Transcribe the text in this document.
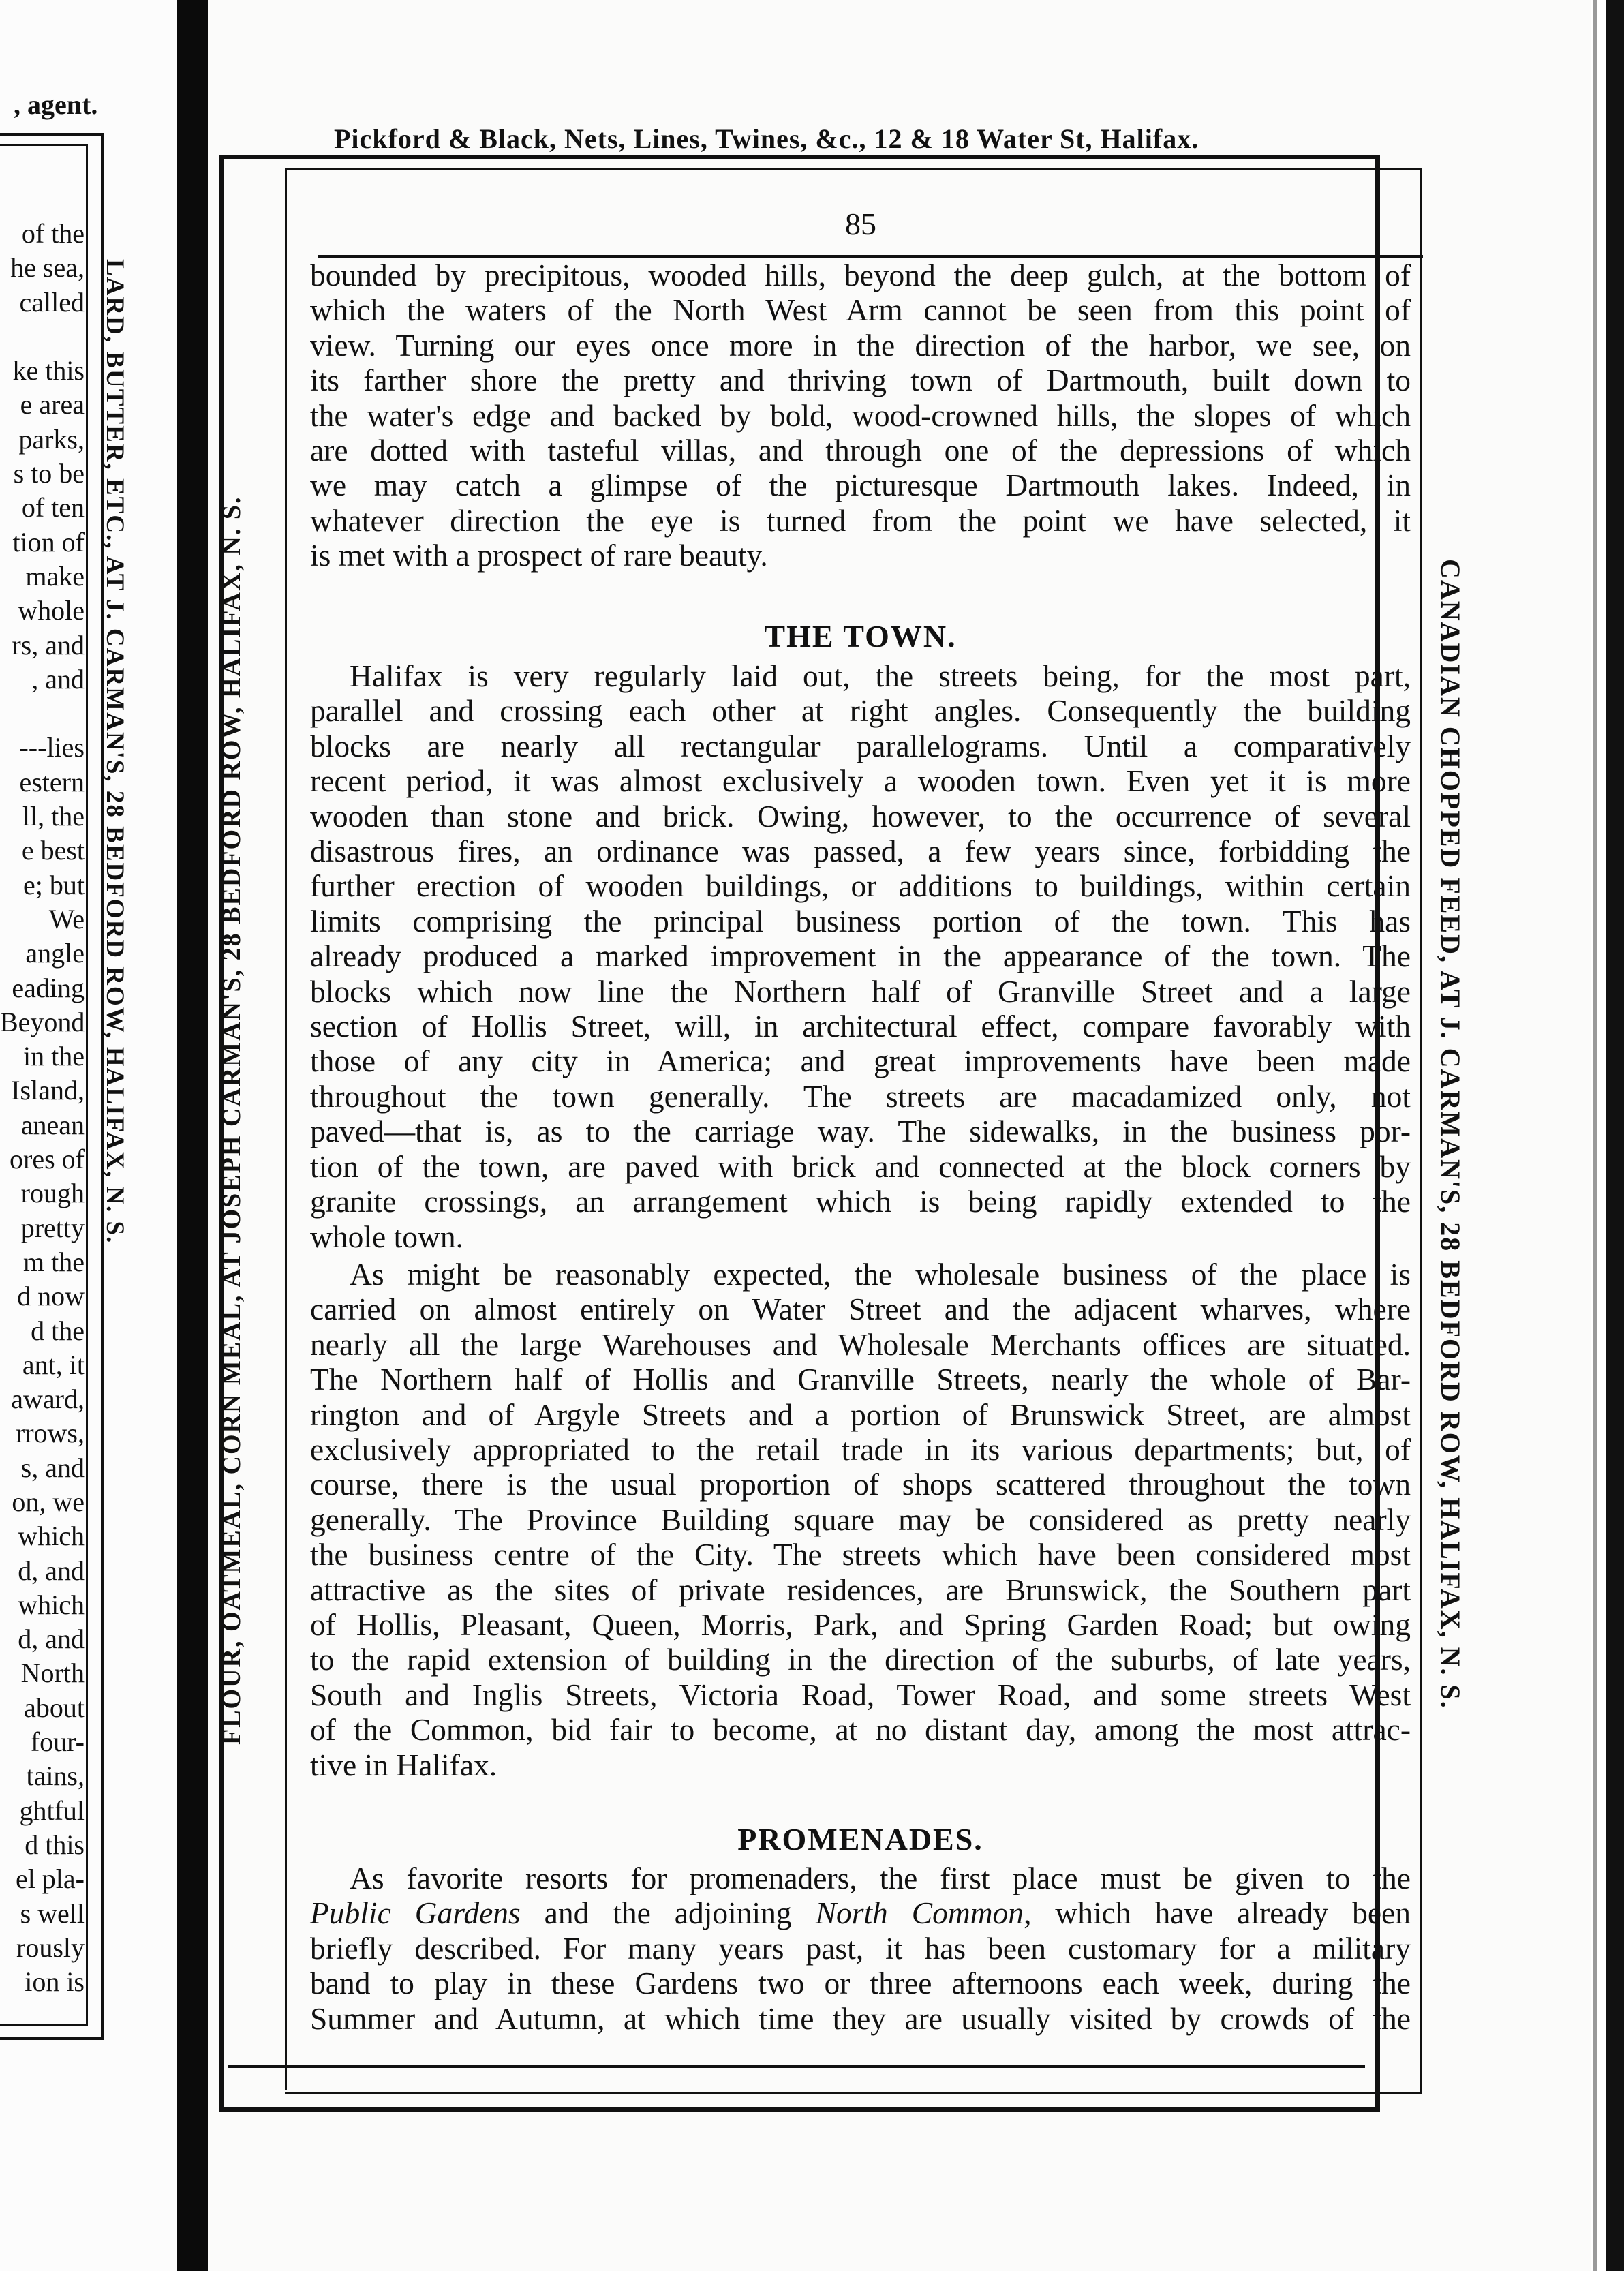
, agent.
of the
he sea,
called
ke this
e area
parks,
s to be
of ten
tion of
make
whole
rs, and
, and
---lies
estern
ll, the
e best
e; but
We
angle
eading
Beyond
in the
Island,
anean
ores of
rough
pretty
m the
d now
d the
ant, it
award,
rrows,
s, and
on, we
which
d, and
which
d, and
North
about
four-
tains,
ghtful
d this
el pla-
s well
rously
ion is
LARD, BUTTER, ETC., AT J. CARMAN'S, 28 BEDFORD ROW, HALIFAX, N. S.
Pickford & Black, Nets, Lines, Twines, &c., 12 & 18 Water St, Halifax.
FLOUR, OATMEAL, CORN MEAL, AT JOSEPH CARMAN'S, 28 BEDFORD ROW, HALIFAX, N. S.	CANADIAN CHOPPED FEED, AT J. CARMAN'S, 28 BEDFORD ROW, HALIFAX, N. S.
85

bounded by precipitous, wooded hills, beyond the deep gulch, at the bottom of
which the waters of the North West Arm cannot be seen from this point of
view. Turning our eyes once more in the direction of the harbor, we see, on
its farther shore the pretty and thriving town of Dartmouth, built down to
the water's edge and backed by bold, wood-crowned hills, the slopes of which
are dotted with tasteful villas, and through one of the depressions of which
we may catch a glimpse of the picturesque Dartmouth lakes. Indeed, in
whatever direction the eye is turned from the point we have selected, it
is met with a prospect of rare beauty.

THE TOWN.

Halifax is very regularly laid out, the streets being, for the most part,
parallel and crossing each other at right angles. Consequently the building
blocks are nearly all rectangular parallelograms. Until a comparatively
recent period, it was almost exclusively a wooden town. Even yet it is more
wooden than stone and brick. Owing, however, to the occurrence of several
disastrous fires, an ordinance was passed, a few years since, forbidding the
further erection of wooden buildings, or additions to buildings, within certain
limits comprising the principal business portion of the town. This has
already produced a marked improvement in the appearance of the town. The
blocks which now line the Northern half of Granville Street and a large
section of Hollis Street, will, in architectural effect, compare favorably with
those of any city in America; and great improvements have been made
throughout the town generally. The streets are macadamized only, not
paved—that is, as to the carriage way. The sidewalks, in the business por-
tion of the town, are paved with brick and connected at the block corners by
granite crossings, an arrangement which is being rapidly extended to the
whole town.

As might be reasonably expected, the wholesale business of the place is
carried on almost entirely on Water Street and the adjacent wharves, where
nearly all the large Warehouses and Wholesale Merchants offices are situated.
The Northern half of Hollis and Granville Streets, nearly the whole of Bar-
rington and of Argyle Streets and a portion of Brunswick Street, are almost
exclusively appropriated to the retail trade in its various departments; but, of
course, there is the usual proportion of shops scattered throughout the town
generally. The Province Building square may be considered as pretty nearly
the business centre of the City. The streets which have been considered most
attractive as the sites of private residences, are Brunswick, the Southern part
of Hollis, Pleasant, Queen, Morris, Park, and Spring Garden Road; but owing
to the rapid extension of building in the direction of the suburbs, of late years,
South and Inglis Streets, Victoria Road, Tower Road, and some streets West
of the Common, bid fair to become, at no distant day, among the most attrac-
tive in Halifax.

PROMENADES.

As favorite resorts for promenaders, the first place must be given to the
Public Gardens and the adjoining North Common, which have already been
briefly described. For many years past, it has been customary for a military
band to play in these Gardens two or three afternoons each week, during the
Summer and Autumn, at which time they are usually visited by crowds of the
